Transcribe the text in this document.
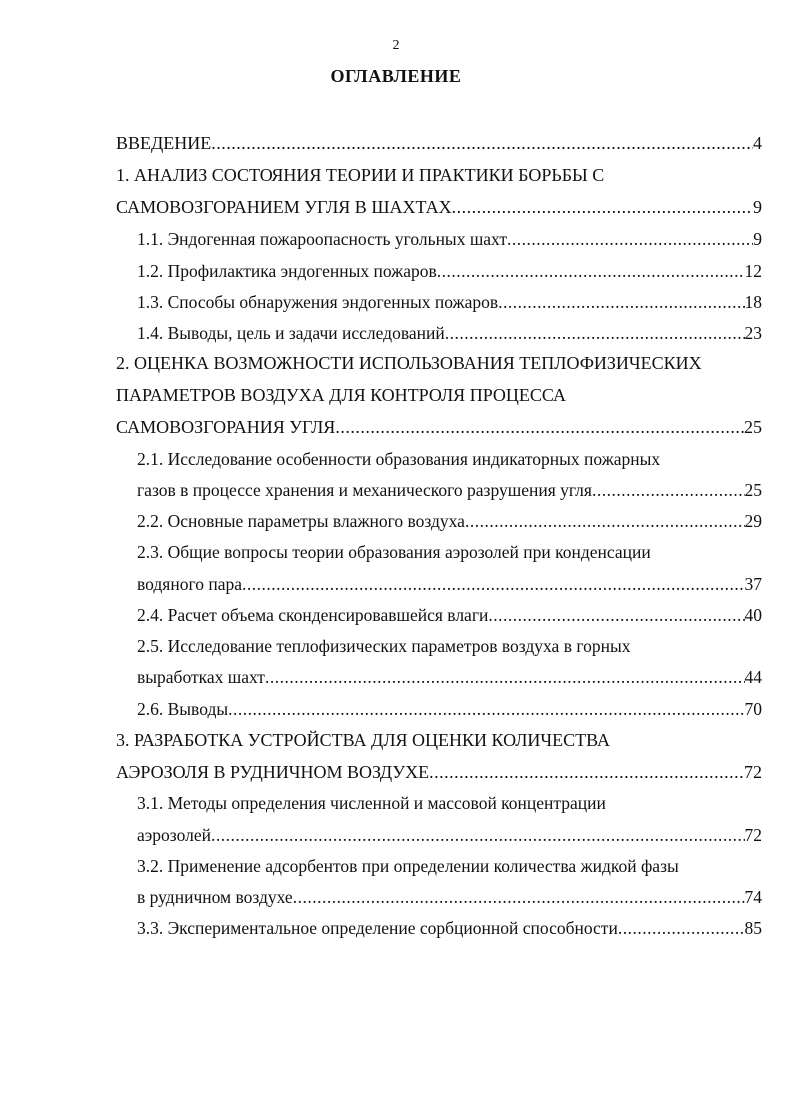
2
ОГЛАВЛЕНИЕ
ВВЕДЕНИЕ .....	4
1. АНАЛИЗ СОСТОЯНИЯ ТЕОРИИ И ПРАКТИКИ БОРЬБЫ С
САМОВОЗГОРАНИЕМ УГЛЯ В ШАХТАХ .....	9
1.1. Эндогенная пожароопасность угольных шахт .....	9
1.2. Профилактика эндогенных пожаров .....	12
1.3. Способы обнаружения эндогенных пожаров .....	18
1.4. Выводы, цель и задачи исследований .....	23
2. ОЦЕНКА ВОЗМОЖНОСТИ ИСПОЛЬЗОВАНИЯ ТЕПЛОФИЗИЧЕСКИХ
ПАРАМЕТРОВ ВОЗДУХА ДЛЯ КОНТРОЛЯ ПРОЦЕССА
САМОВОЗГОРАНИЯ УГЛЯ .....	25
2.1. Исследование особенности образования индикаторных пожарных
газов в процессе хранения и механического разрушения угля .....	25
2.2. Основные параметры влажного воздуха .....	29
2.3. Общие вопросы теории образования аэрозолей при конденсации
водяного пара .....	37
2.4. Расчет объема сконденсировавшейся влаги .....	40
2.5. Исследование теплофизических параметров воздуха в горных
выработках шахт .....	44
2.6. Выводы .....	70
3. РАЗРАБОТКА УСТРОЙСТВА ДЛЯ ОЦЕНКИ КОЛИЧЕСТВА
АЭРОЗОЛЯ В РУДНИЧНОМ ВОЗДУХЕ .....	72
3.1. Методы определения численной и массовой концентрации
аэрозолей .....	72
3.2. Применение адсорбентов при определении количества жидкой фазы
в рудничном воздухе .....	74
3.3. Экспериментальное определение сорбционной способности .....	85
